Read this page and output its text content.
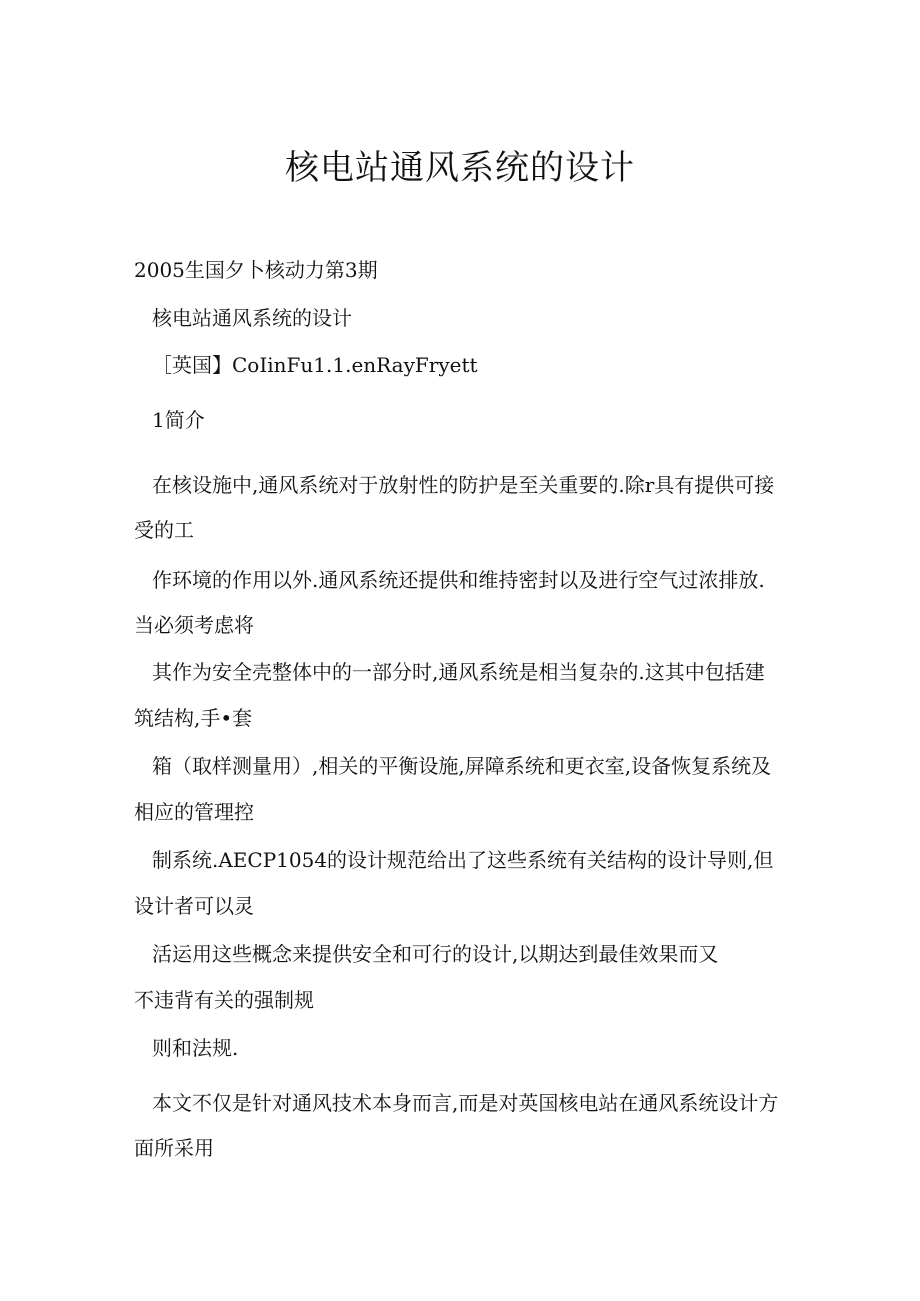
核电站通风系统的设计
2005生国夕卜核动力第3期
核电站通风系统的设计
［英国】CoIinFu1.1.enRayFryett
1简介
在核设施中,通风系统对于放射性的防护是至关重要的.除r具有提供可接
受的工
作环境的作用以外.通风系统还提供和维持密封以及进行空气过浓排放.
当必须考虑将
其作为安全壳整体中的一部分时,通风系统是相当复杂的.这其中包括建
筑结构,手•套
箱（取样测量用）,相关的平衡设施,屏障系统和更衣室,设备恢复系统及
相应的管理控
制系统.AECP1054的设计规范给出了这些系统有关结构的设计导则,但
设计者可以灵
活运用这些概念来提供安全和可行的设计,以期达到最佳效果而又
不违背有关的强制规
则和法规.
本文不仅是针对通风技术本身而言,而是对英国核电站在通风系统设计方
面所采用
